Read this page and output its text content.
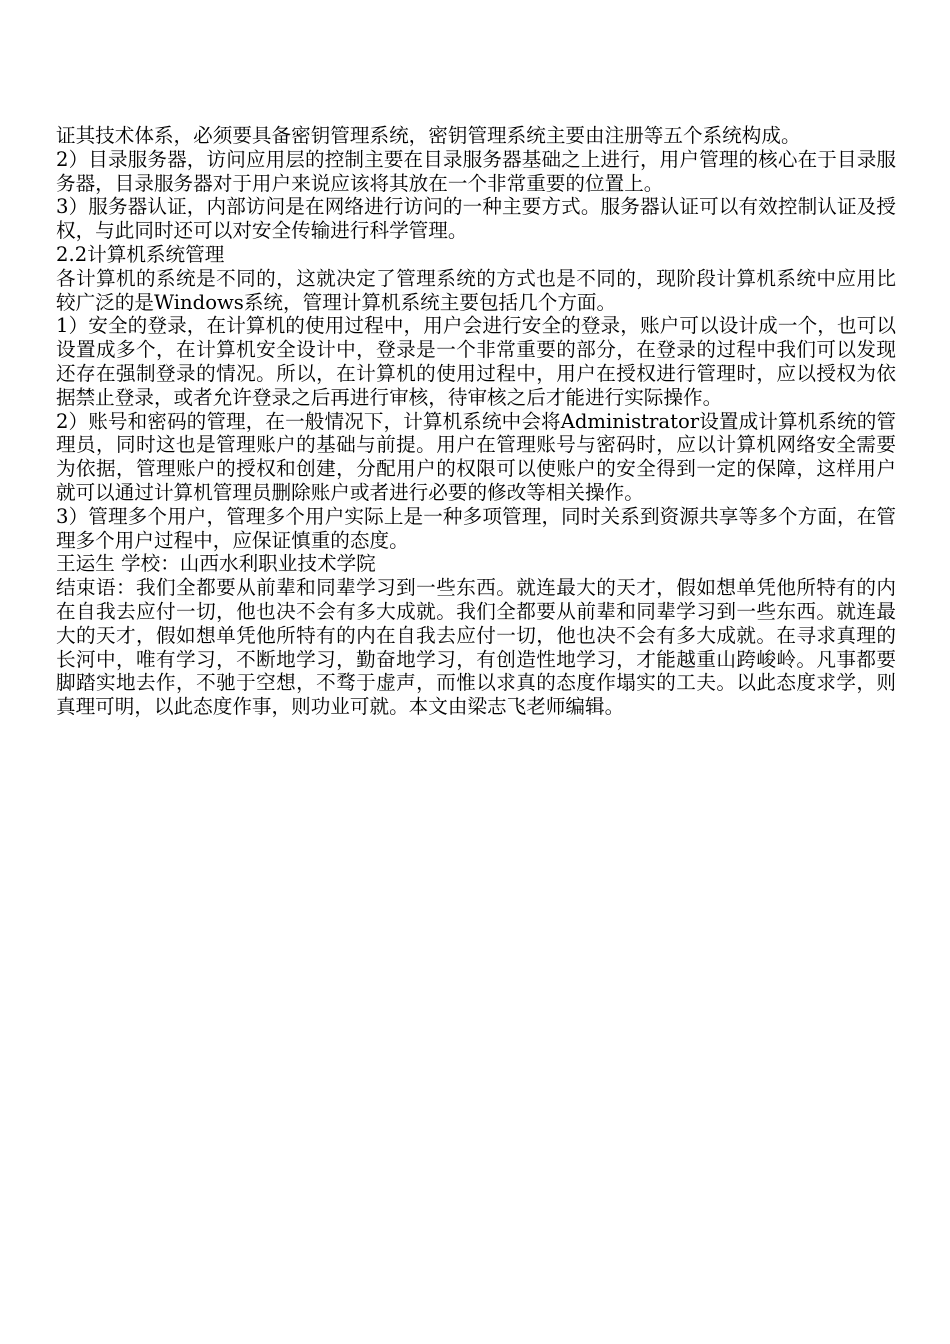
证其技术体系，必须要具备密钥管理系统，密钥管理系统主要由注册等五个系统构成。

2）目录服务器，访问应用层的控制主要在目录服务器基础之上进行，用户管理的核心在于目录服务器，目录服务器对于用户来说应该将其放在一个非常重要的位置上。

3）服务器认证，内部访问是在网络进行访问的一种主要方式。服务器认证可以有效控制认证及授权，与此同时还可以对安全传输进行科学管理。

2.2计算机系统管理

各计算机的系统是不同的，这就决定了管理系统的方式也是不同的，现阶段计算机系统中应用比较广泛的是Windows系统，管理计算机系统主要包括几个方面。

1）安全的登录，在计算机的使用过程中，用户会进行安全的登录，账户可以设计成一个，也可以设置成多个，在计算机安全设计中，登录是一个非常重要的部分，在登录的过程中我们可以发现还存在强制登录的情况。所以，在计算机的使用过程中，用户在授权进行管理时，应以授权为依据禁止登录，或者允许登录之后再进行审核，待审核之后才能进行实际操作。

2）账号和密码的管理，在一般情况下，计算机系统中会将Administrator设置成计算机系统的管理员，同时这也是管理账户的基础与前提。用户在管理账号与密码时，应以计算机网络安全需要为依据，管理账户的授权和创建，分配用户的权限可以使账户的安全得到一定的保障，这样用户就可以通过计算机管理员删除账户或者进行必要的修改等相关操作。

3）管理多个用户，管理多个用户实际上是一种多项管理，同时关系到资源共享等多个方面，在管理多个用户过程中，应保证慎重的态度。

王运生 学校：山西水利职业技术学院

结束语：我们全都要从前辈和同辈学习到一些东西。就连最大的天才，假如想单凭他所特有的内在自我去应付一切，他也决不会有多大成就。我们全都要从前辈和同辈学习到一些东西。就连最大的天才，假如想单凭他所特有的内在自我去应付一切，他也决不会有多大成就。在寻求真理的长河中，唯有学习，不断地学习，勤奋地学习，有创造性地学习，才能越重山跨峻岭。凡事都要脚踏实地去作，不驰于空想，不骛于虚声，而惟以求真的态度作塌实的工夫。以此态度求学，则真理可明，以此态度作事，则功业可就。本文由梁志飞老师编辑。
